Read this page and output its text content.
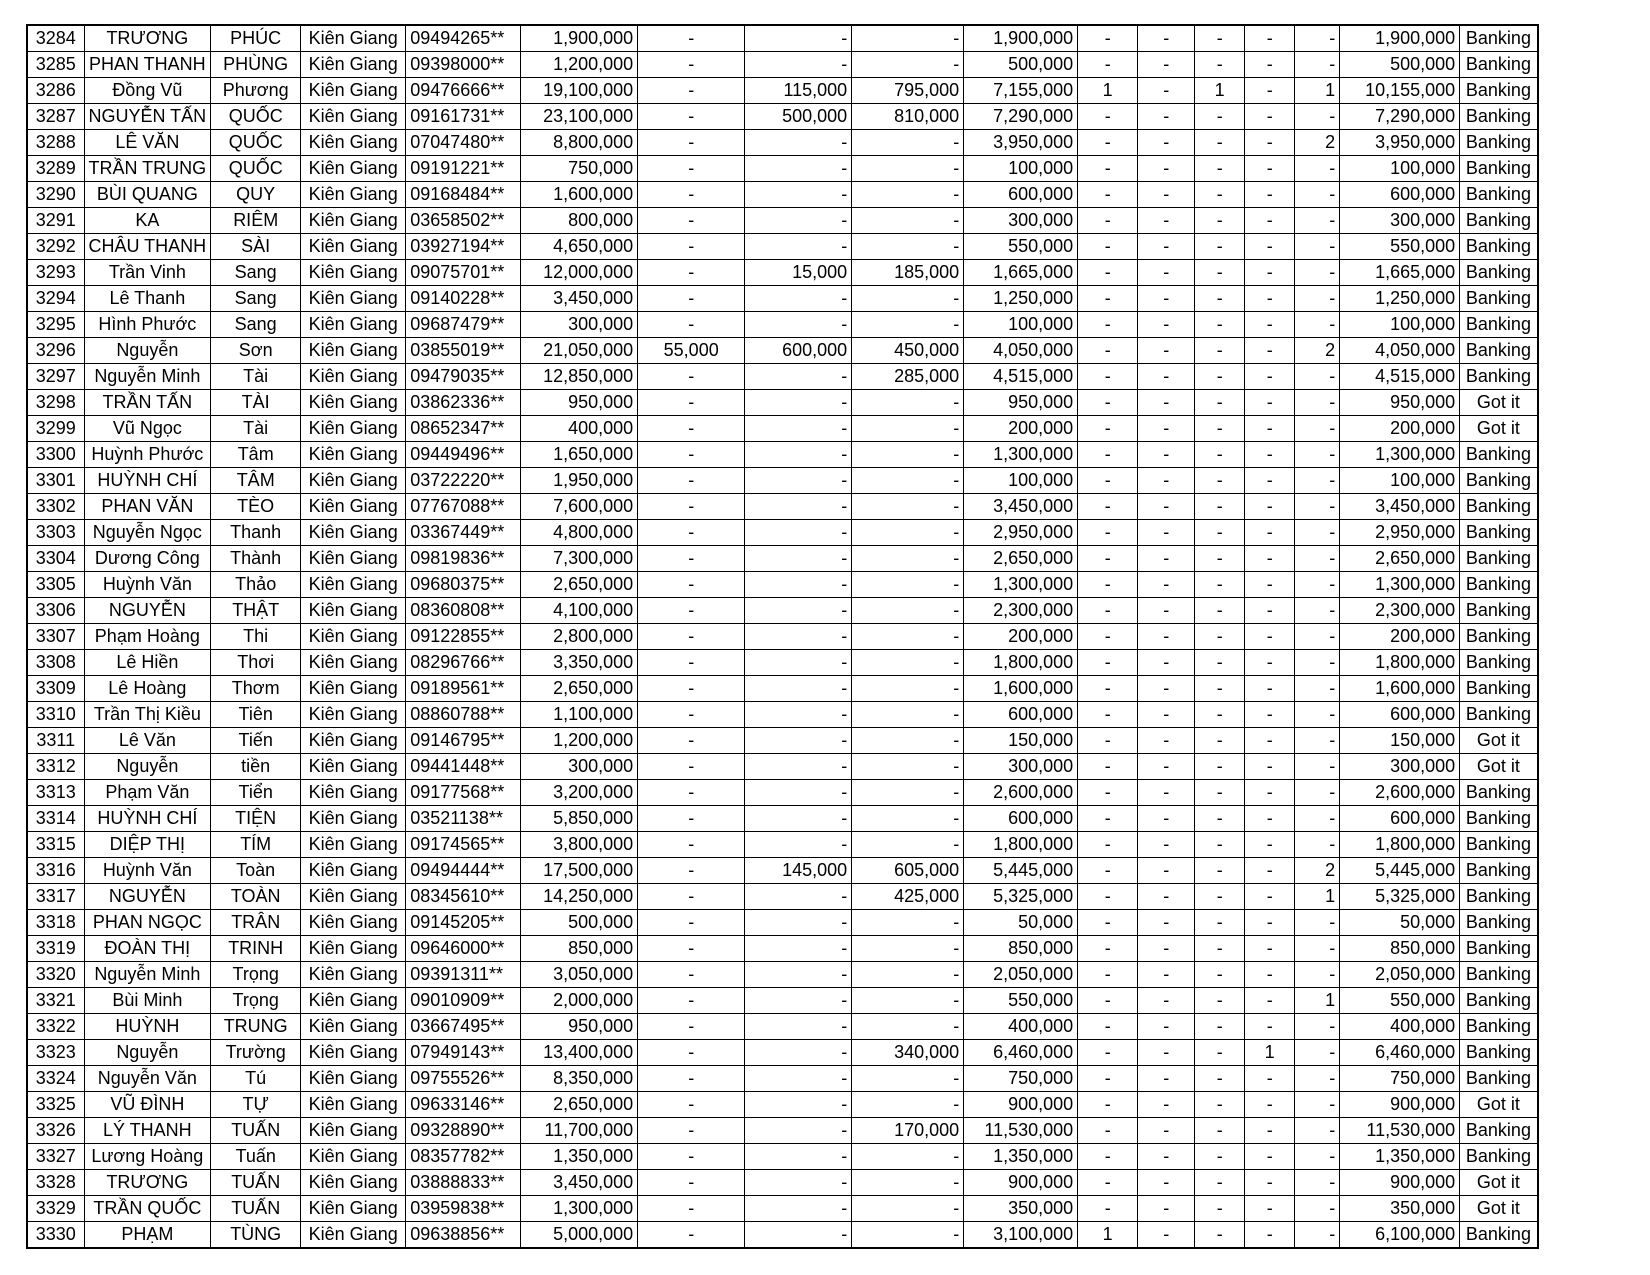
3284	TRƯƠNG	PHÚC	Kiên Giang	09494265**	1,900,000	-	-	-	1,900,000	-	-	-	-	-	1,900,000	Banking
3285	PHAN THANH	PHÙNG	Kiên Giang	09398000**	1,200,000	-	-	-	500,000	-	-	-	-	-	500,000	Banking
3286	Đồng Vũ	Phương	Kiên Giang	09476666**	19,100,000	-	115,000	795,000	7,155,000	1	-	1	-	1	10,155,000	Banking
3287	NGUYỄN TẤN	QUỐC	Kiên Giang	09161731**	23,100,000	-	500,000	810,000	7,290,000	-	-	-	-	-	7,290,000	Banking
3288	LÊ VĂN	QUỐC	Kiên Giang	07047480**	8,800,000	-	-	-	3,950,000	-	-	-	-	2	3,950,000	Banking
3289	TRẦN TRUNG	QUỐC	Kiên Giang	09191221**	750,000	-	-	-	100,000	-	-	-	-	-	100,000	Banking
3290	BÙI QUANG	QUY	Kiên Giang	09168484**	1,600,000	-	-	-	600,000	-	-	-	-	-	600,000	Banking
3291	KA	RIÊM	Kiên Giang	03658502**	800,000	-	-	-	300,000	-	-	-	-	-	300,000	Banking
3292	CHÂU THANH	SÀI	Kiên Giang	03927194**	4,650,000	-	-	-	550,000	-	-	-	-	-	550,000	Banking
3293	Trần Vinh	Sang	Kiên Giang	09075701**	12,000,000	-	15,000	185,000	1,665,000	-	-	-	-	-	1,665,000	Banking
3294	Lê Thanh	Sang	Kiên Giang	09140228**	3,450,000	-	-	-	1,250,000	-	-	-	-	-	1,250,000	Banking
3295	Hình Phước	Sang	Kiên Giang	09687479**	300,000	-	-	-	100,000	-	-	-	-	-	100,000	Banking
3296	Nguyễn	Sơn	Kiên Giang	03855019**	21,050,000	55,000	600,000	450,000	4,050,000	-	-	-	-	2	4,050,000	Banking
3297	Nguyễn Minh	Tài	Kiên Giang	09479035**	12,850,000	-	-	285,000	4,515,000	-	-	-	-	-	4,515,000	Banking
3298	TRẦN TẤN	TÀI	Kiên Giang	03862336**	950,000	-	-	-	950,000	-	-	-	-	-	950,000	Got it
3299	Vũ Ngọc	Tài	Kiên Giang	08652347**	400,000	-	-	-	200,000	-	-	-	-	-	200,000	Got it
3300	Huỳnh Phước	Tâm	Kiên Giang	09449496**	1,650,000	-	-	-	1,300,000	-	-	-	-	-	1,300,000	Banking
3301	HUỲNH CHÍ	TÂM	Kiên Giang	03722220**	1,950,000	-	-	-	100,000	-	-	-	-	-	100,000	Banking
3302	PHAN VĂN	TÈO	Kiên Giang	07767088**	7,600,000	-	-	-	3,450,000	-	-	-	-	-	3,450,000	Banking
3303	Nguyễn Ngọc	Thanh	Kiên Giang	03367449**	4,800,000	-	-	-	2,950,000	-	-	-	-	-	2,950,000	Banking
3304	Dương Công	Thành	Kiên Giang	09819836**	7,300,000	-	-	-	2,650,000	-	-	-	-	-	2,650,000	Banking
3305	Huỳnh Văn	Thảo	Kiên Giang	09680375**	2,650,000	-	-	-	1,300,000	-	-	-	-	-	1,300,000	Banking
3306	NGUYỄN	THẬT	Kiên Giang	08360808**	4,100,000	-	-	-	2,300,000	-	-	-	-	-	2,300,000	Banking
3307	Phạm Hoàng	Thi	Kiên Giang	09122855**	2,800,000	-	-	-	200,000	-	-	-	-	-	200,000	Banking
3308	Lê Hiền	Thơi	Kiên Giang	08296766**	3,350,000	-	-	-	1,800,000	-	-	-	-	-	1,800,000	Banking
3309	Lê Hoàng	Thơm	Kiên Giang	09189561**	2,650,000	-	-	-	1,600,000	-	-	-	-	-	1,600,000	Banking
3310	Trần Thị Kiều	Tiên	Kiên Giang	08860788**	1,100,000	-	-	-	600,000	-	-	-	-	-	600,000	Banking
3311	Lê Văn	Tiến	Kiên Giang	09146795**	1,200,000	-	-	-	150,000	-	-	-	-	-	150,000	Got it
3312	Nguyễn	tiền	Kiên Giang	09441448**	300,000	-	-	-	300,000	-	-	-	-	-	300,000	Got it
3313	Phạm Văn	Tiển	Kiên Giang	09177568**	3,200,000	-	-	-	2,600,000	-	-	-	-	-	2,600,000	Banking
3314	HUỲNH CHÍ	TIỆN	Kiên Giang	03521138**	5,850,000	-	-	-	600,000	-	-	-	-	-	600,000	Banking
3315	DIỆP THỊ	TÍM	Kiên Giang	09174565**	3,800,000	-	-	-	1,800,000	-	-	-	-	-	1,800,000	Banking
3316	Huỳnh Văn	Toàn	Kiên Giang	09494444**	17,500,000	-	145,000	605,000	5,445,000	-	-	-	-	2	5,445,000	Banking
3317	NGUYỄN	TOÀN	Kiên Giang	08345610**	14,250,000	-	-	425,000	5,325,000	-	-	-	-	1	5,325,000	Banking
3318	PHAN NGỌC	TRÂN	Kiên Giang	09145205**	500,000	-	-	-	50,000	-	-	-	-	-	50,000	Banking
3319	ĐOÀN THỊ	TRINH	Kiên Giang	09646000**	850,000	-	-	-	850,000	-	-	-	-	-	850,000	Banking
3320	Nguyễn Minh	Trọng	Kiên Giang	09391311**	3,050,000	-	-	-	2,050,000	-	-	-	-	-	2,050,000	Banking
3321	Bùi Minh	Trọng	Kiên Giang	09010909**	2,000,000	-	-	-	550,000	-	-	-	-	1	550,000	Banking
3322	HUỲNH	TRUNG	Kiên Giang	03667495**	950,000	-	-	-	400,000	-	-	-	-	-	400,000	Banking
3323	Nguyễn	Trường	Kiên Giang	07949143**	13,400,000	-	-	340,000	6,460,000	-	-	-	1	-	6,460,000	Banking
3324	Nguyễn Văn	Tú	Kiên Giang	09755526**	8,350,000	-	-	-	750,000	-	-	-	-	-	750,000	Banking
3325	VŨ ĐÌNH	TỰ	Kiên Giang	09633146**	2,650,000	-	-	-	900,000	-	-	-	-	-	900,000	Got it
3326	LÝ THANH	TUẤN	Kiên Giang	09328890**	11,700,000	-	-	170,000	11,530,000	-	-	-	-	-	11,530,000	Banking
3327	Lương Hoàng	Tuấn	Kiên Giang	08357782**	1,350,000	-	-	-	1,350,000	-	-	-	-	-	1,350,000	Banking
3328	TRƯƠNG	TUẤN	Kiên Giang	03888833**	3,450,000	-	-	-	900,000	-	-	-	-	-	900,000	Got it
3329	TRẦN QUỐC	TUẤN	Kiên Giang	03959838**	1,300,000	-	-	-	350,000	-	-	-	-	-	350,000	Got it
3330	PHẠM	TÙNG	Kiên Giang	09638856**	5,000,000	-	-	-	3,100,000	1	-	-	-	-	6,100,000	Banking
